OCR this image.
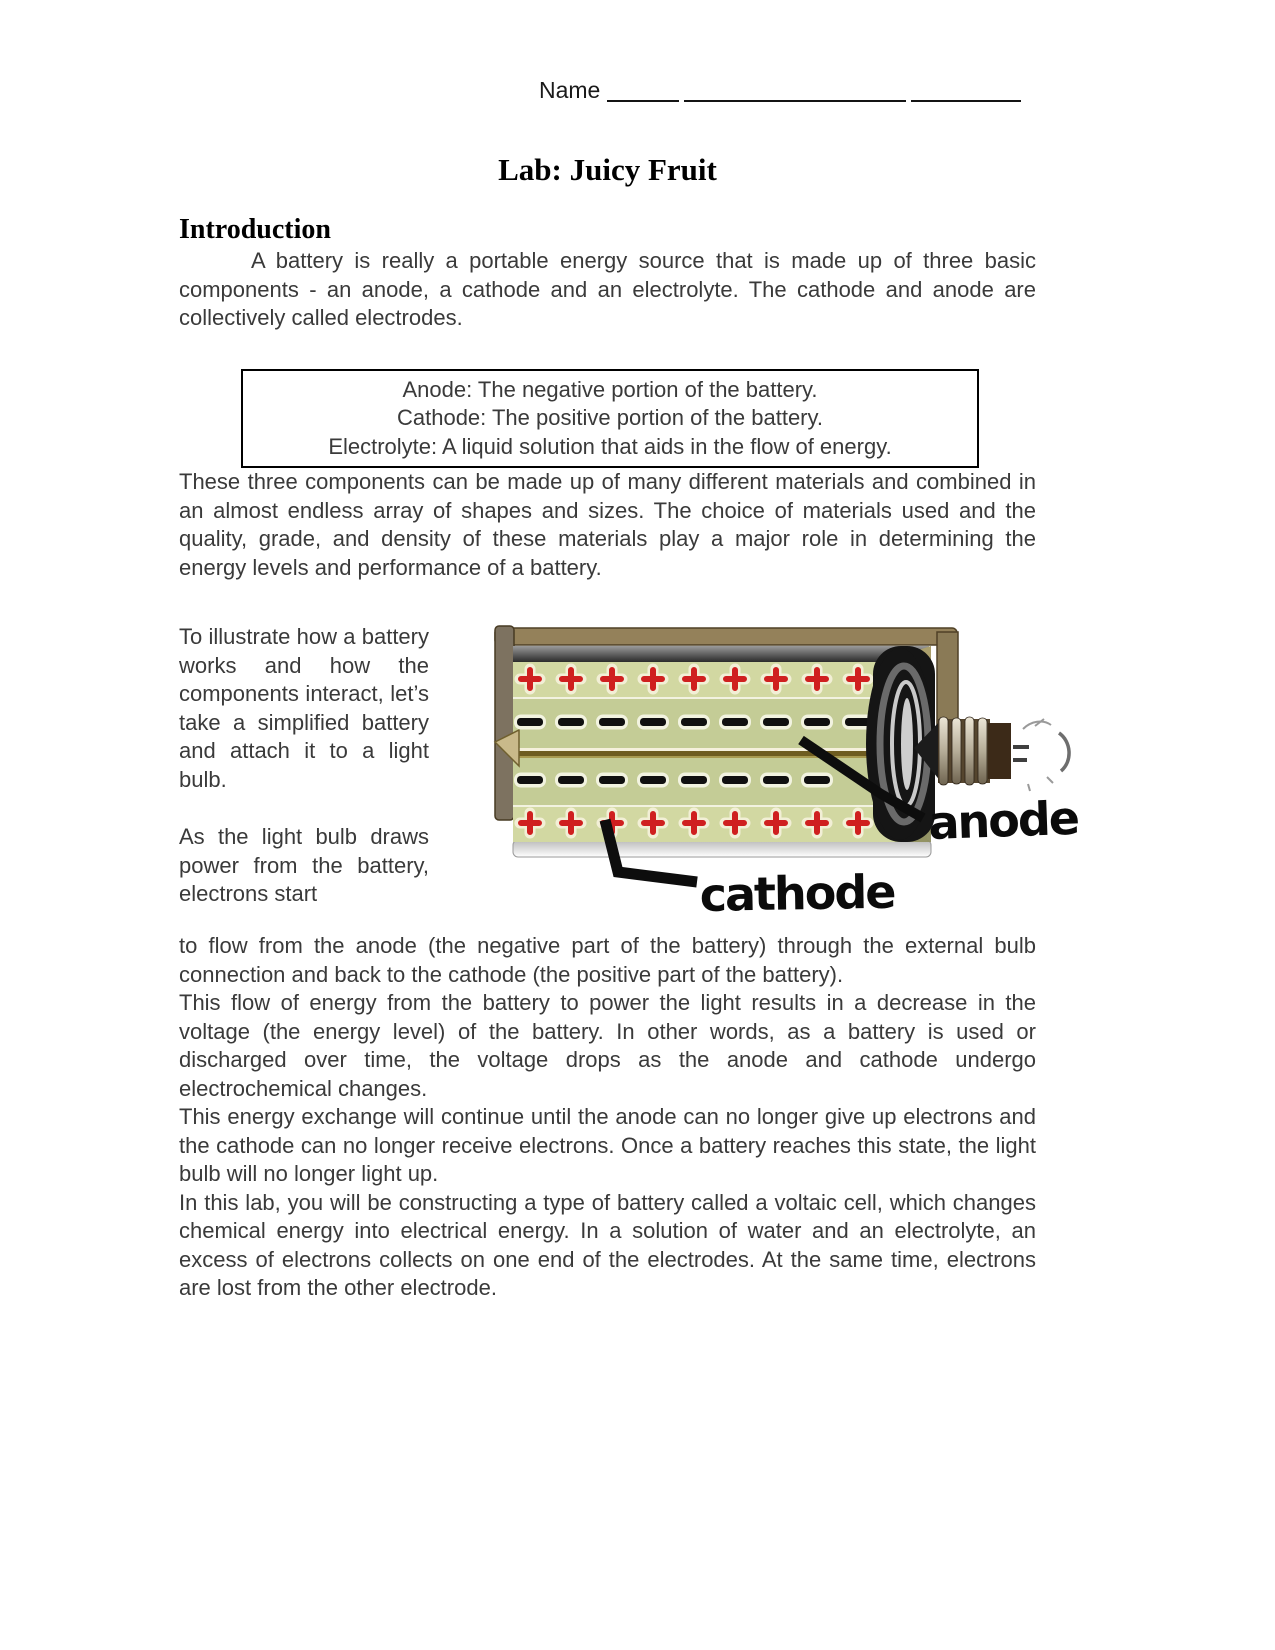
Name
Lab: Juicy Fruit
Introduction

A battery is really a portable energy source that is made up of three basic components - an anode, a cathode and an electrolyte. The cathode and anode are collectively called electrodes.

Anode: The negative portion of the battery.
Cathode: The positive portion of the battery.
Electrolyte: A liquid solution that aids in the flow of energy.

These three components can be made up of many different materials and combined in an almost endless array of shapes and sizes. The choice of materials used and the quality, grade, and density of these materials play a major role in determining the energy levels and performance of a battery.

To illustrate how a battery works and how the components interact, let’s take a simplified battery and attach it to a light bulb.

As the light bulb draws power from the battery, electrons start

anode
cathode

to flow from the anode (the negative part of the battery) through the external bulb connection and back to the cathode (the positive part of the battery).

This flow of energy from the battery to power the light results in a decrease in the voltage (the energy level) of the battery. In other words, as a battery is used or discharged over time, the voltage drops as the anode and cathode undergo electrochemical changes.

This energy exchange will continue until the anode can no longer give up electrons and the cathode can no longer receive electrons. Once a battery reaches this state, the light bulb will no longer light up.

In this lab, you will be constructing a type of battery called a voltaic cell, which changes chemical energy into electrical energy. In a solution of water and an electrolyte, an excess of electrons collects on one end of the electrodes. At the same time, electrons are lost from the other electrode.
